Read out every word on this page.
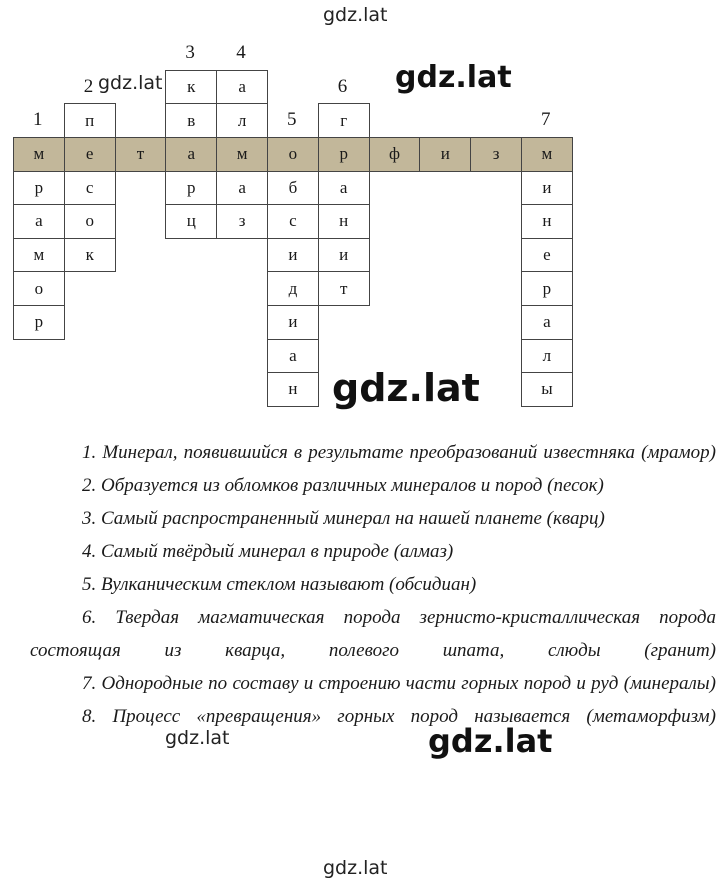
gdz.lat
gdz.lat	gdz.lat
м	е	т	а	м	о	р	ф	и	з	м
р
а
м
о
р
п
с
о
к
к
в
р
ц
а
л
а
з
б
с
и
д
и
а
н
г
а
н
и
т
и
н
е
р
а
л
ы
1
2
3 4
5
6
7
gdz.lat
1. Минерал, появившийся в результате преобразований известняка (мрамор)
2. Образуется из обломков различных минералов и пород (песок)
3. Самый распространенный минерал на нашей планете (кварц)
4. Самый твёрдый минерал в природе (алмаз)
5. Вулканическим стеклом называют (обсидиан)
6. Твердая магматическая порода зернисто-кристаллическая порода состоящая из кварца, полевого шпата, слюды (гранит)
7. Однородные по составу и строению части горных пород и руд (минералы)
8. Процесс «превращения» горных пород называется (метаморфизм)
gdz.lat	gdz.lat
gdz.lat
